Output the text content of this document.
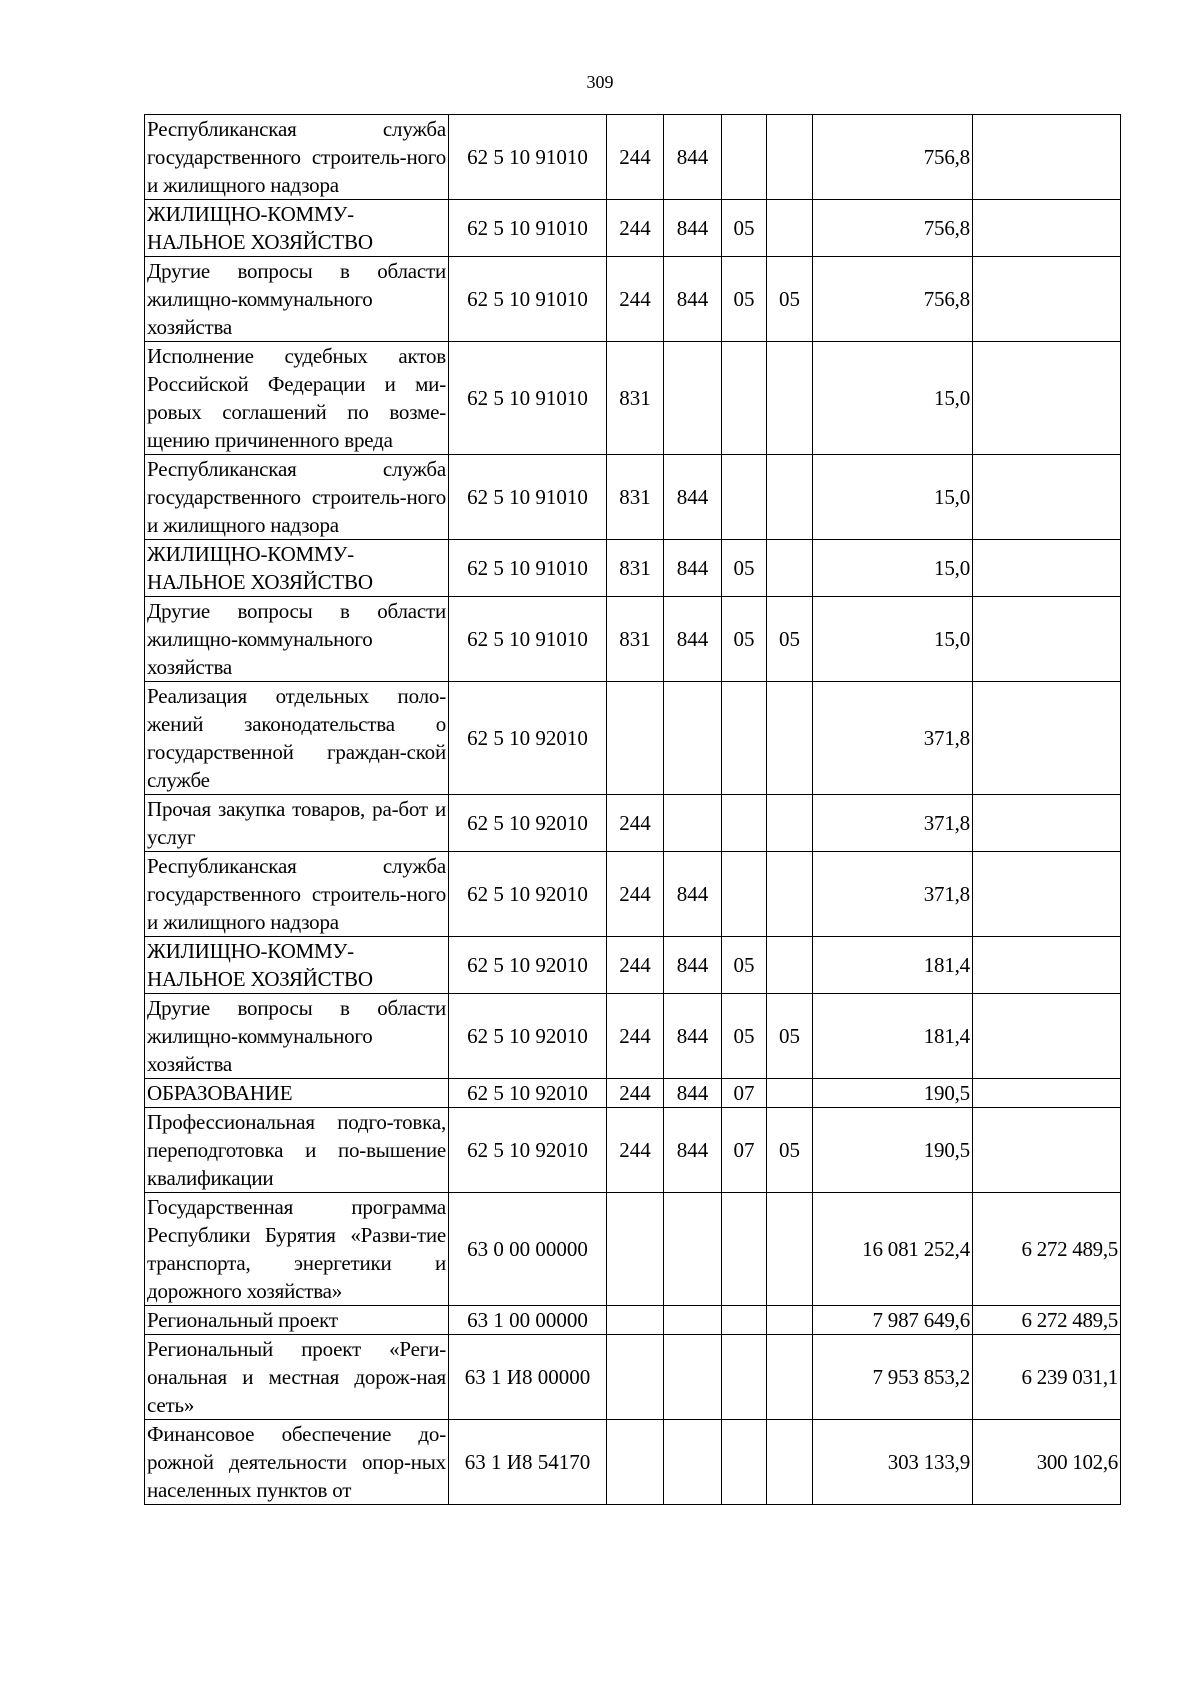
309
Республиканская служба государственного строитель-ного и жилищного надзора	62 5 10 91010	244	844			756,8	
ЖИЛИЩНО-КОММУ-НАЛЬНОЕ ХОЗЯЙСТВО	62 5 10 91010	244	844	05		756,8	
Другие вопросы в области жилищно-коммунального хозяйства	62 5 10 91010	244	844	05	05	756,8	
Исполнение судебных актов Российской Федерации и ми-ровых соглашений по возме-щению причиненного вреда	62 5 10 91010	831				15,0	
Республиканская служба государственного строитель-ного и жилищного надзора	62 5 10 91010	831	844			15,0	
ЖИЛИЩНО-КОММУ-НАЛЬНОЕ ХОЗЯЙСТВО	62 5 10 91010	831	844	05		15,0	
Другие вопросы в области жилищно-коммунального хозяйства	62 5 10 91010	831	844	05	05	15,0	
Реализация отдельных поло-жений законодательства о государственной граждан-ской службе	62 5 10 92010					371,8	
Прочая закупка товаров, ра-бот и услуг	62 5 10 92010	244				371,8	
Республиканская служба государственного строитель-ного и жилищного надзора	62 5 10 92010	244	844			371,8	
ЖИЛИЩНО-КОММУ-НАЛЬНОЕ ХОЗЯЙСТВО	62 5 10 92010	244	844	05		181,4	
Другие вопросы в области жилищно-коммунального хозяйства	62 5 10 92010	244	844	05	05	181,4	
ОБРАЗОВАНИЕ	62 5 10 92010	244	844	07		190,5	
Профессиональная подго-товка, переподготовка и по-вышение квалификации	62 5 10 92010	244	844	07	05	190,5	
Государственная программа Республики Бурятия «Разви-тие транспорта, энергетики и дорожного хозяйства»	63 0 00 00000					16 081 252,4	6 272 489,5
Региональный проект	63 1 00 00000					7 987 649,6	6 272 489,5
Региональный проект «Реги-ональная и местная дорож-ная сеть»	63 1 И8 00000					7 953 853,2	6 239 031,1
Финансовое обеспечение до-рожной деятельности опор-ных населенных пунктов от	63 1 И8 54170					303 133,9	300 102,6
